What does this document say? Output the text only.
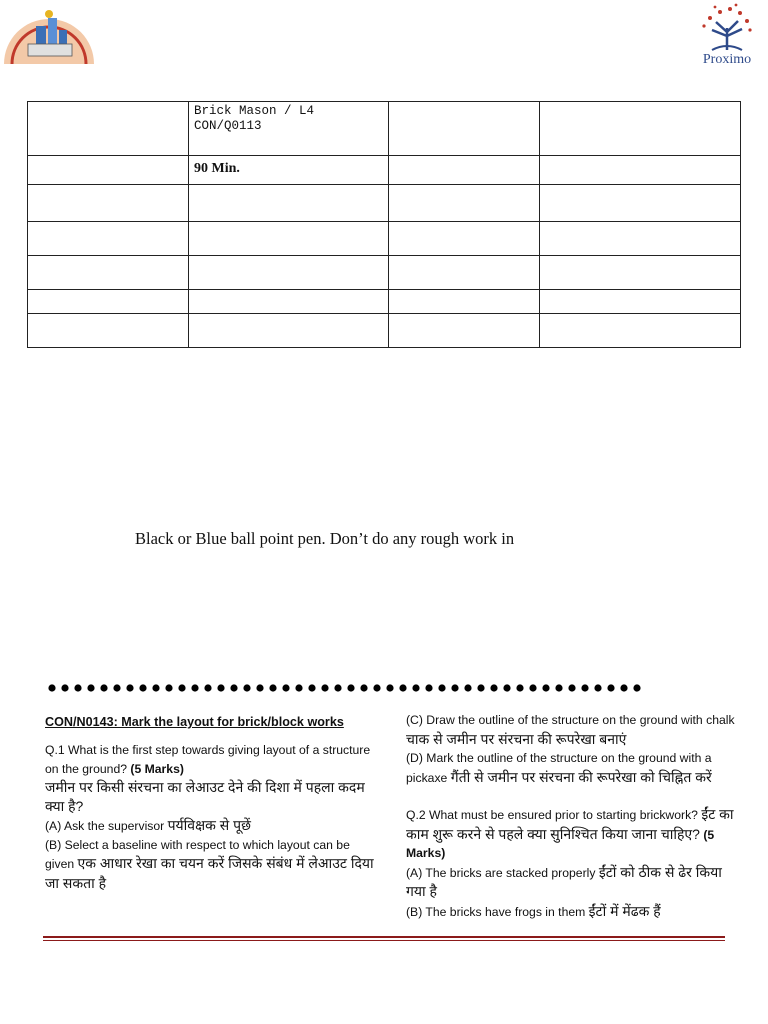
Proximo
	Brick Mason / L4
CON/Q0113		
	90 Min.		

Black or Blue ball point pen. Don’t do any rough work in

CON/N0143: Mark the layout for brick/block works

Q.1 What is the first step towards giving layout of a structure on the ground? (5 Marks)

जमीन पर किसी संरचना का लेआउट देने की दिशा में पहला कदम क्या है?

(A) Ask the supervisor पर्यविक्षक से पूछें

(B) Select a baseline with respect to which layout can be given एक आधार रेखा का चयन करें जिसके संबंध में लेआउट दिया जा सकता है

(C) Draw the outline of the structure on the ground with chalk चाक से जमीन पर संरचना की रूपरेखा बनाएं

(D) Mark the outline of the structure on the ground with a pickaxe गैंती से जमीन पर संरचना की रूपरेखा को चिह्नित करें

Q.2 What must be ensured prior to starting brickwork? ईंट का काम शुरू करने से पहले क्या सुनिश्चित किया जाना चाहिए? (5 Marks)

(A) The bricks are stacked properly ईंटों को ठीक से ढेर किया गया है

(B) The bricks have frogs in them ईंटों में मेंढक हैं
